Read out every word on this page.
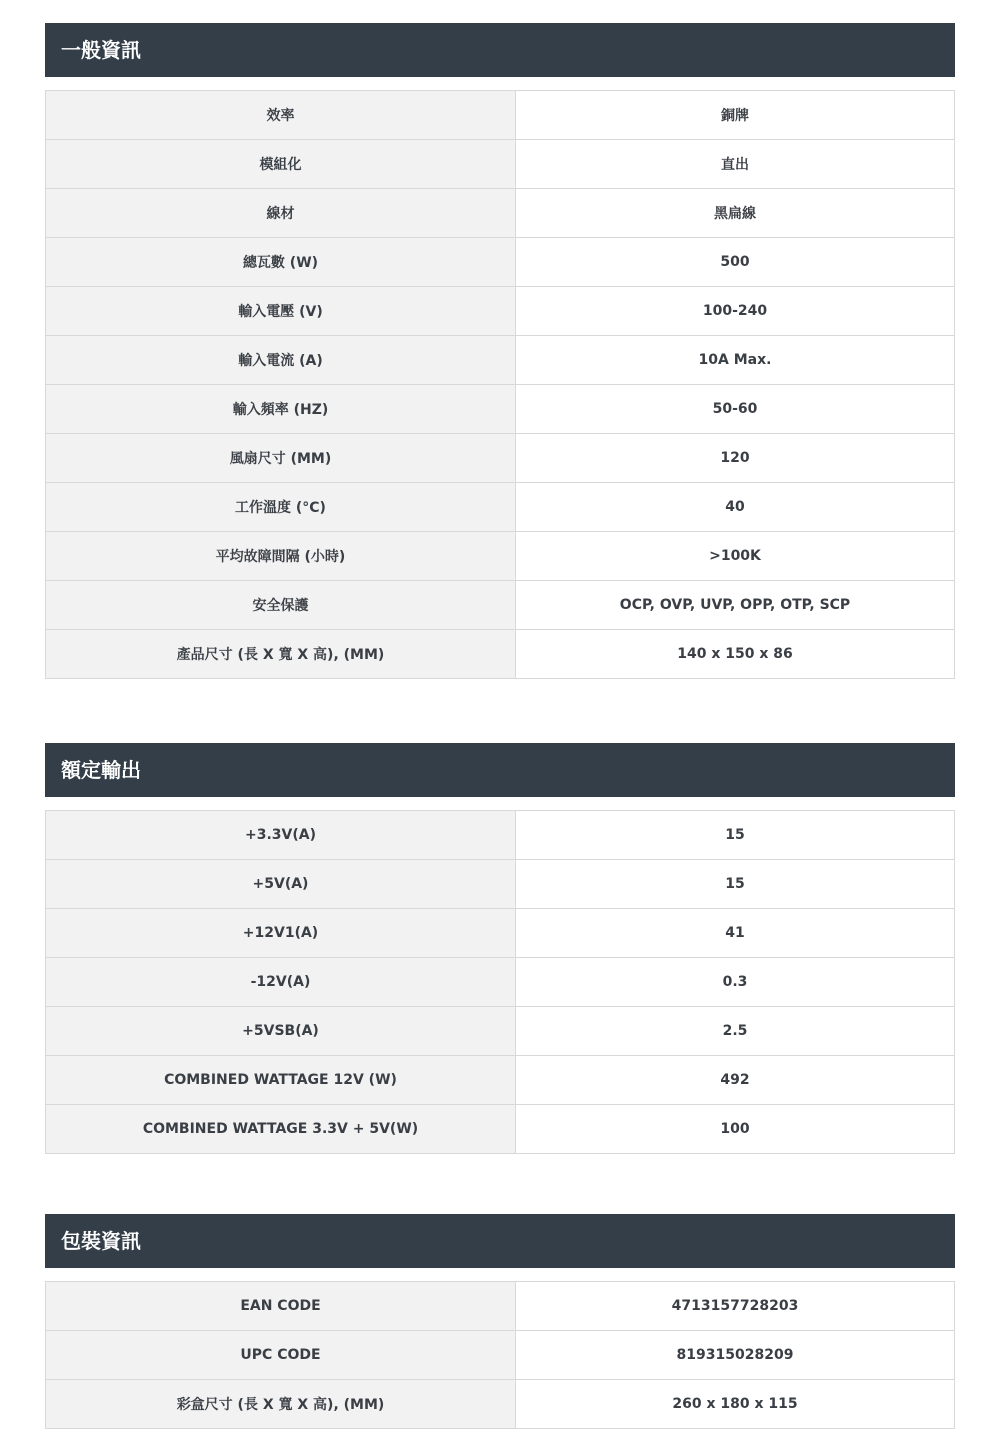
一般資訊
效率	銅牌
模組化	直出
線材	黑扁線
總瓦數 (W)	500
輸入電壓 (V)	100-240
輸入電流 (A)	10A Max.
輸入頻率 (HZ)	50-60
風扇尺寸 (MM)	120
工作溫度 (°C)	40
平均故障間隔 (小時)	>100K
安全保護	OCP, OVP, UVP, OPP, OTP, SCP
產品尺寸 (長 X 寬 X 高), (MM)	140 x 150 x 86
額定輸出
+3.3V(A)	15
+5V(A)	15
+12V1(A)	41
-12V(A)	0.3
+5VSB(A)	2.5
COMBINED WATTAGE 12V (W)	492
COMBINED WATTAGE 3.3V + 5V(W)	100
包裝資訊
EAN CODE	4713157728203
UPC CODE	819315028209
彩盒尺寸 (長 X 寬 X 高), (MM)	260 x 180 x 115
